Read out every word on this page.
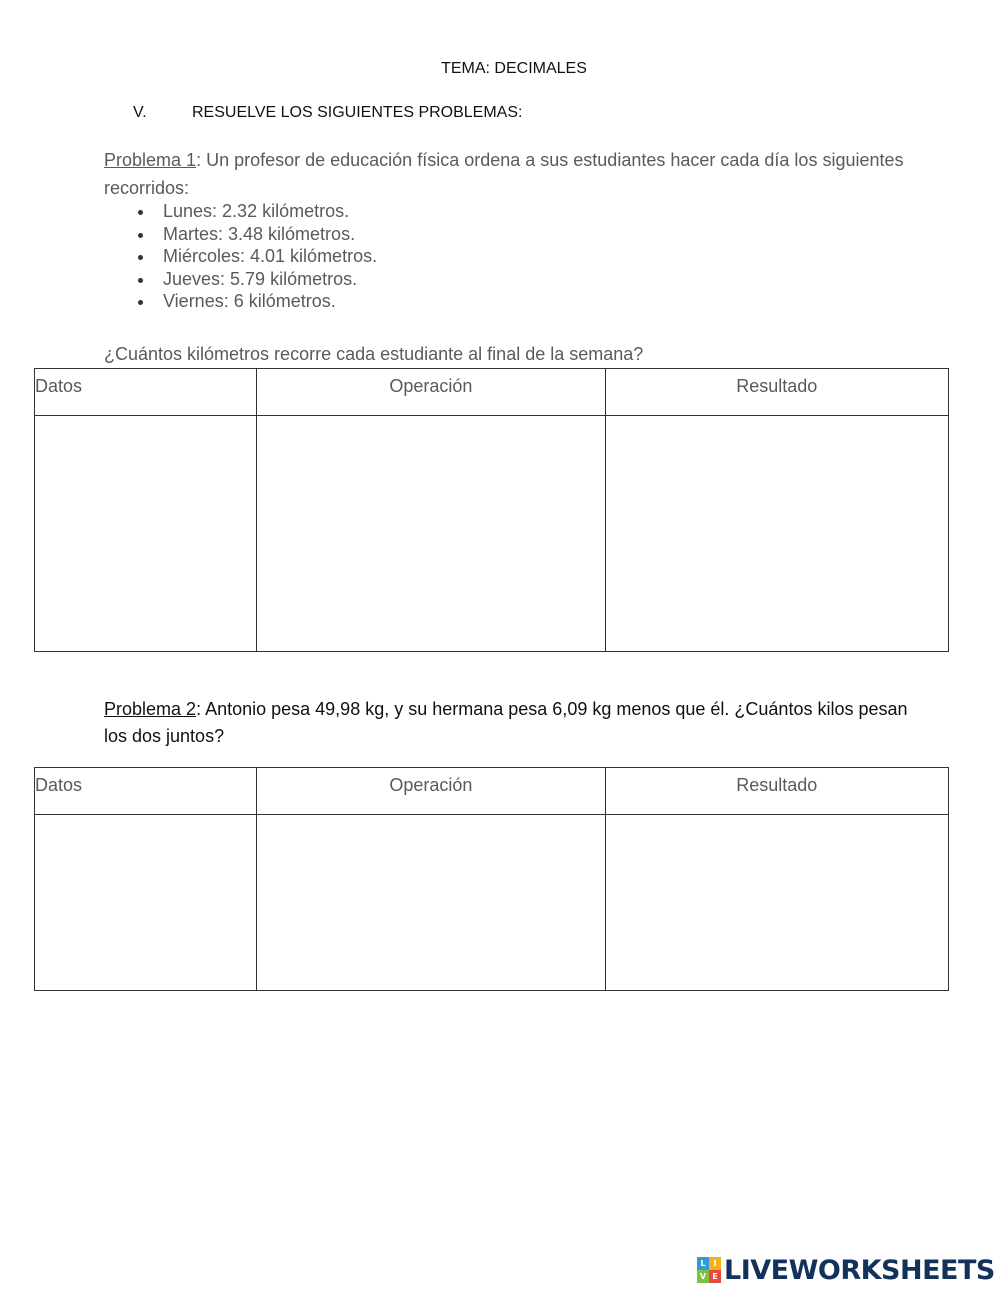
TEMA: DECIMALES
V.	RESUELVE LOS SIGUIENTES PROBLEMAS:
Problema 1: Un profesor de educación física ordena a sus estudiantes hacer cada día los siguientes recorridos:
Lunes: 2.32 kilómetros.
Martes: 3.48 kilómetros.
Miércoles: 4.01 kilómetros.
Jueves: 5.79 kilómetros.
Viernes: 6 kilómetros.
¿Cuántos kilómetros recorre cada estudiante al final de la semana?
Datos	Operación	Resultado

Problema 2: Antonio pesa 49,98 kg, y su hermana pesa 6,09 kg menos que él. ¿Cuántos kilos pesan los dos juntos?
Datos	Operación	Resultado

L I
V E LIVEWORKSHEETS
